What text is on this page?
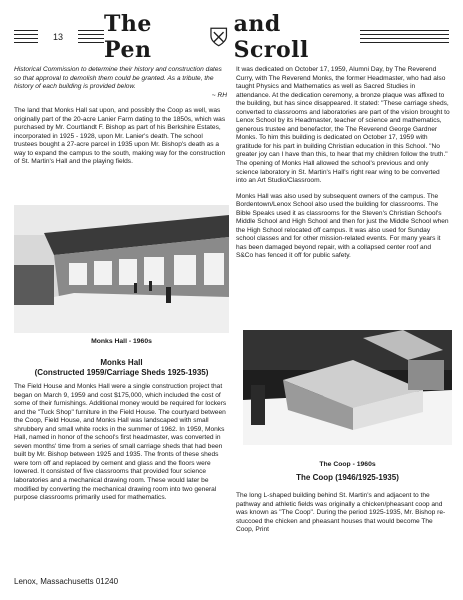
13	The Pen
and Scroll

Historical Commission to determine their history and construction dates so that approval to demolish them could be granted. As a tribute, the history of each building is provided below.

~ RH

The land that Monks Hall sat upon, and possibly the Coop as well, was originally part of the 20-acre Lanier Farm dating to the 1850s, which was purchased by Mr. Courtlandt F. Bishop as part of his Berkshire Estates, incorporated in 1925 - 1928, upon Mr. Lanier's death. The school trustees bought a 27-acre parcel in 1935 upon Mr. Bishop's death as a way to expand the campus to the south, making way for the construction of St. Martin's Hall and the playing fields.

Monks Hall - 1960s
Monks Hall
(Constructed 1959/Carriage Sheds 1925-1935)

The Field House and Monks Hall were a single construction project that began on March 9, 1959 and cost $175,000, which included the cost of some of their furnishings. Additional money would be required for lockers and the "Tuck Shop" furniture in the Field House. The courtyard between the Coop, Field House, and Monks Hall was landscaped with small shrubbery and small white rocks in the summer of 1962. In 1959, Monks Hall, named in honor of the school's first headmaster, was converted in seven months' time from a series of small carriage sheds that had been built by Mr. Bishop between 1925 and 1935. The fronts of these sheds were torn off and replaced by cement and glass and the floors were lowered. It consisted of five classrooms that provided four science laboratories and a mechanical drawing room. These would later be modified by converting the mechanical drawing room into two general purpose classrooms primarily used for mathematics.

It was dedicated on October 17, 1959, Alumni Day, by The Reverend Curry, with The Reverend Monks, the former Headmaster, who had also taught Physics and Mathematics as well as Sacred Studies in attendance. At the dedication ceremony, a bronze plaque was affixed to the building, but has since disappeared. It stated: "These carriage sheds, converted to classrooms and laboratories are part of the vision brought to Lenox School by its Headmaster, teacher of science and mathematics, generous trustee and benefactor, the The Reverend George Gardner Monks. To him this building is dedicated on October 17, 1959 with gratitude for his part in building Christian education in this School. "No greater joy can I have than this, to hear that my children follow the truth." The opening of Monks Hall allowed the school's previous and only science laboratory in St. Martin's Hall's right rear wing to be converted into an Art Studio/Classroom.

Monks Hall was also used by subsequent owners of the campus. The Bordentown/Lenox School also used the building for classrooms. The Bible Speaks used it as classrooms for the Steven's Christian School's Middle School and High School and then for just the Middle School when the High School relocated off campus. It was also used for Sunday school classes and for other mission-related events. For many years it has been damaged beyond repair, with a collapsed center roof and S&Co has fenced it off for public safety.

The Coop - 1960s
The Coop (1946/1925-1935)

The long L-shaped building behind St. Martin's and adjacent to the pathway and athletic fields was originally a chicken/pheasant coop and was known as "The Coop". During the period 1925-1935, Mr. Bishop re-stuccoed the chicken and pheasant houses that would become The Coop, Print

Lenox, Massachusetts 01240
